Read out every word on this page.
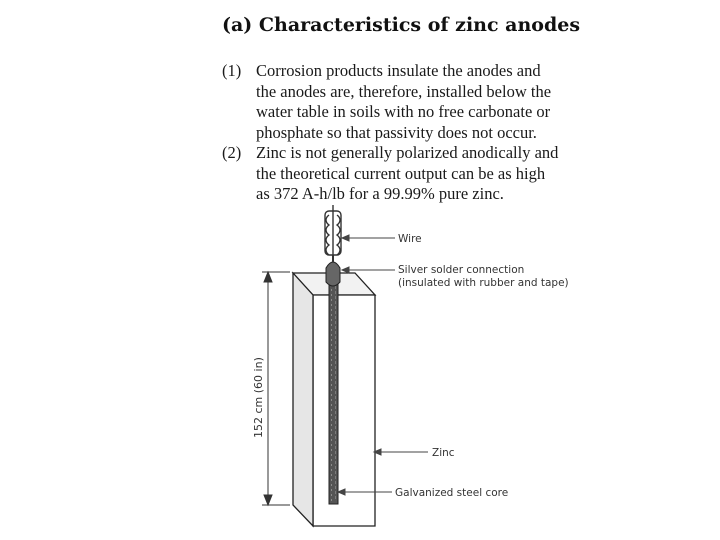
(a) Characteristics of zinc anodes
(1) Corrosion products insulate the anodes and
the anodes are, therefore, installed below the
water table in soils with no free carbonate or
phosphate so that passivity does not occur.
(2) Zinc is not generally polarized anodically and
the theoretical current output can be as high
as 372 A-h/lb for a 99.99% pure zinc.
152 cm (60 in)
Wire
Silver solder connection
(insulated with rubber and tape)
Zinc
Galvanized steel core
